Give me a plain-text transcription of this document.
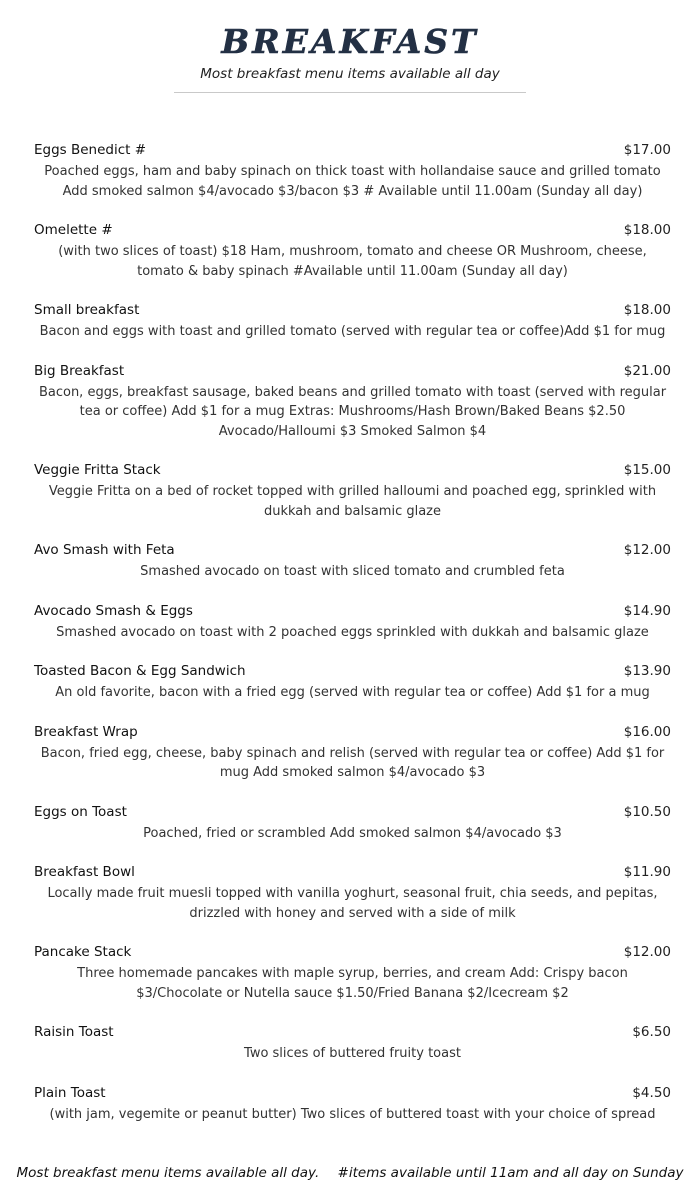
BREAKFAST
Most breakfast menu items available all day
Eggs Benedict #	$17.00
Poached eggs, ham and baby spinach on thick toast with hollandaise sauce and grilled tomato Add smoked salmon $4/avocado $3/bacon $3 # Available until 11.00am (Sunday all day)
Omelette #	$18.00
(with two slices of toast) $18 Ham, mushroom, tomato and cheese OR Mushroom, cheese, tomato & baby spinach #Available until 11.00am (Sunday all day)
Small breakfast	$18.00
Bacon and eggs with toast and grilled tomato (served with regular tea or coffee)Add $1 for mug
Big Breakfast	$21.00
Bacon, eggs, breakfast sausage, baked beans and grilled tomato with toast (served with regular tea or coffee) Add $1 for a mug Extras: Mushrooms/Hash Brown/Baked Beans $2.50 Avocado/Halloumi $3 Smoked Salmon $4
Veggie Fritta Stack	$15.00
Veggie Fritta on a bed of rocket topped with grilled halloumi and poached egg, sprinkled with dukkah and balsamic glaze
Avo Smash with Feta	$12.00
Smashed avocado on toast with sliced tomato and crumbled feta
Avocado Smash & Eggs	$14.90
Smashed avocado on toast with 2 poached eggs sprinkled with dukkah and balsamic glaze
Toasted Bacon & Egg Sandwich	$13.90
An old favorite, bacon with a fried egg (served with regular tea or coffee) Add $1 for a mug
Breakfast Wrap	$16.00
Bacon, fried egg, cheese, baby spinach and relish (served with regular tea or coffee) Add $1 for mug Add smoked salmon $4/avocado $3
Eggs on Toast	$10.50
Poached, fried or scrambled Add smoked salmon $4/avocado $3
Breakfast Bowl	$11.90
Locally made fruit muesli topped with vanilla yoghurt, seasonal fruit, chia seeds, and pepitas, drizzled with honey and served with a side of milk
Pancake Stack	$12.00
Three homemade pancakes with maple syrup, berries, and cream Add: Crispy bacon $3/Chocolate or Nutella sauce $1.50/Fried Banana $2/Icecream $2
Raisin Toast	$6.50
Two slices of buttered fruity toast
Plain Toast	$4.50
(with jam, vegemite or peanut butter) Two slices of buttered toast with your choice of spread
Most breakfast menu items available all day. #items available until 11am and all day on Sunday
